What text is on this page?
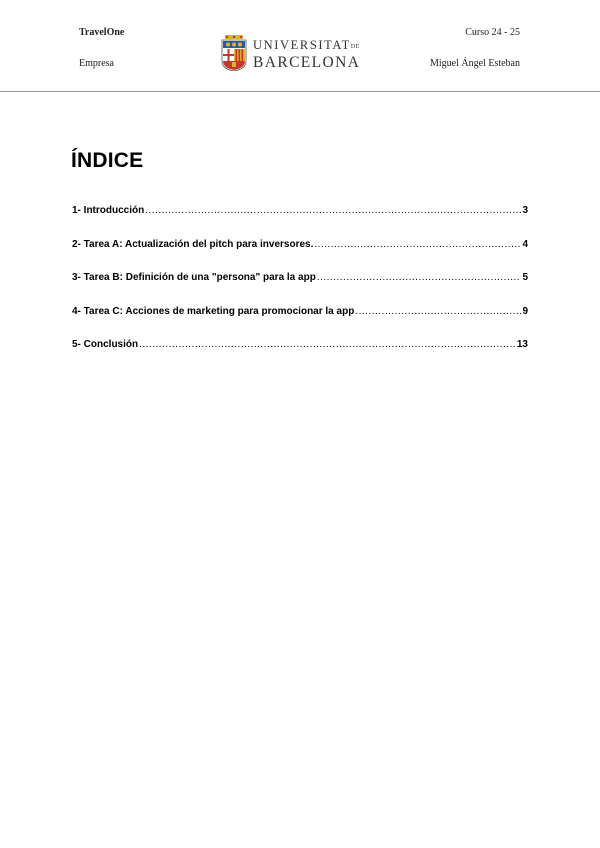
TravelOne
Empresa
Curso 24 - 25
Miguel Ángel Esteban
UNIVERSITATDE
BARCELONA
ÍNDICE
1- Introducción .....	3
2- Tarea A: Actualización del pitch para inversores. .....	4
3- Tarea B: Definición de una "persona" para la app .....	5
4- Tarea C: Acciones de marketing para promocionar la app .....	9
5- Conclusión .....	13
